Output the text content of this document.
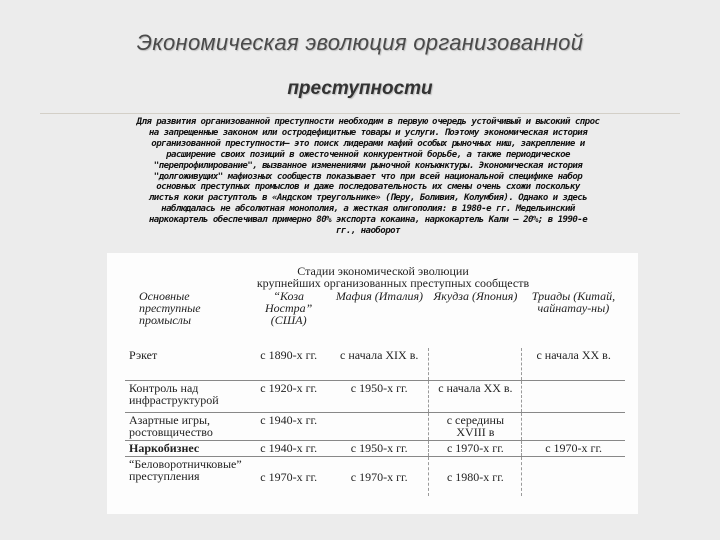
Экономическая эволюция организованной
преступности
Для развития организованной преступности необходим в первую очередь устойчивый и высокий спрос
на запрещенные законом или остродефицитные товары и услуги. Поэтому экономическая история
организованной преступности– это поиск лидерами мафий особых рыночных ниш, закрепление и
расширение своих позиций в ожесточенной конкурентной борьбе, а также периодическое
"перепрофилирование", вызванное изменениями рыночной конъюнктуры. Экономическая история
"долгоживущих" мафиозных сообществ показывает что при всей национальной специфике набор
основных преступных промыслов и даже последовательность их смены очень схожи поскольку
листья коки раступтоль в «Андском треугольнике» (Перу, Боливия, Колумбия). Однако и здесь
наблюдалась не абсолютная монополия, а жесткая олигополия: в 1980-е гг. Медельинский
наркокартель обеспечивал примерно 80% экспорта кокаина, наркокартель Кали – 20%; в 1990-е
гг., наоборот
Стадии экономической эволюции
крупнейших организованных преступных сообществ
Основные преступные промыслы	“Коза Ностра” (США)	Мафия (Италия)	Якудза (Япония)	Триады (Китай, чайнатау-ны)
Рэкет	с 1890-х гг.	с начала XIX в.		с начала XX в.
Контроль над инфраструктурой	с 1920-х гг.	с 1950-х гг.	с начала XX в.	
Азартные игры, ростовщичество	с 1940-х гг.		с середины XVIII в	
Наркобизнес	с 1940-х гг.	с 1950-х гг.	с 1970-х гг.	с 1970-х гг.
“Беловоротничковые” преступления	с 1970-х гг.	с 1970-х гг.	с 1980-х гг.	
